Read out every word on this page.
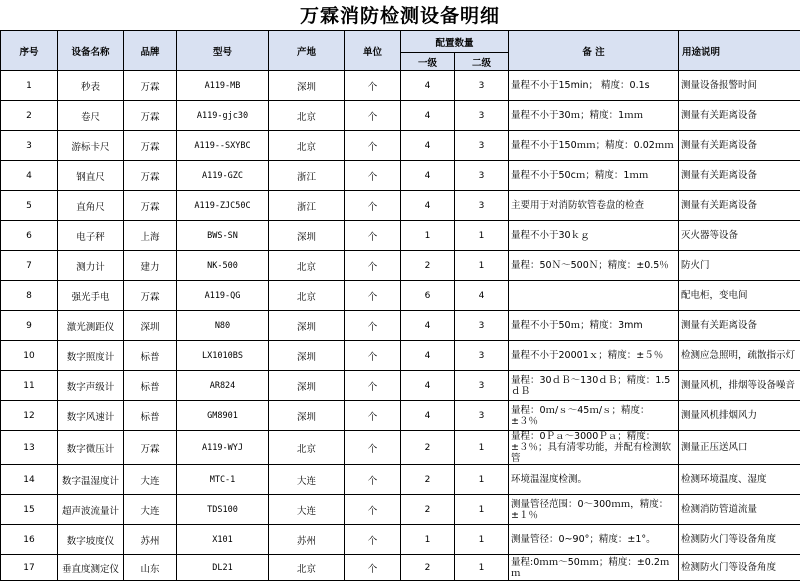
万霖消防检测设备明细
序号	设备名称	品牌	型号	产地	单位	配置数量		备 注	用途说明
						一级	二级		
1	秒表	万霖	A119-MB	深圳	个	4	3	量程不小于15min； 精度：0.1s	测量设备报警时间
2	卷尺	万霖	A119-gjc30	北京	个	4	3	量程不小于30ｍ；精度：1ｍｍ	测量有关距离设备
3	游标卡尺	万霖	A119--SXYBC	北京	个	4	3	量程不小于150ｍｍ；精度：0.02ｍｍ	测量有关距离设备
4	钢直尺	万霖	A119-GZC	浙江	个	4	3	量程不小于50cｍ；精度：1ｍｍ	测量有关距离设备
5	直角尺	万霖	A119-ZJC50C	浙江	个	4	3	主要用于对消防软管卷盘的检查	测量有关距离设备
6	电子秤	上海	BWS-SN	深圳	个	1	1	量程不小于30ｋｇ	灭火器等设备
7	测力计	建力	NK-500	北京	个	2	1	量程：50Ｎ～500Ｎ；精度：±0.5％	防火门
8	强光手电	万霖	A119-QG	北京	个	6	4		配电柜，变电间
9	激光测距仪	深圳	N80	深圳	个	4	3	量程不小于50ｍ；精度：3mm	测量有关距离设备
10	数字照度计	标普	LX1010BS	深圳	个	4	3	量程不小于20001ｘ；精度：±５％	检测应急照明，疏散指示灯
11	数字声级计	标普	AR824	深圳	个	4	3	量程：30ｄＢ～130ｄＢ；精度：1.5ｄＢ	测量风机，排烟等设备噪音
12	数字风速计	标普	GM8901	深圳	个	4	3	量程：0ｍ/ｓ～45ｍ/ｓ；精度：±３％	测量风机排烟风力
13	数字微压计	万霖	A119-WYJ	北京	个	2	1	量程：0Ｐａ～3000Ｐａ；精度：±３％；具有清零功能，并配有检测软管	测量正压送风口
14	数字温湿度计	大连	MTC-1	大连	个	2	1	环境温湿度检测。	检测环境温度、湿度
15	超声波流量计	大连	TDS100	大连	个	2	1	测量管径范围：0～300ｍｍ，精度：±１％	检测消防管道流量
16	数字坡度仪	苏州	X101	苏州	个	1	1	测量管径：0~90°；精度：±1°。	检测防火门等设备角度
17	垂直度测定仪	山东	DL21	北京	个	2	1	量程:0ｍｍ～50ｍｍ；精度：±0.2ｍｍ	检测防火门等设备角度
